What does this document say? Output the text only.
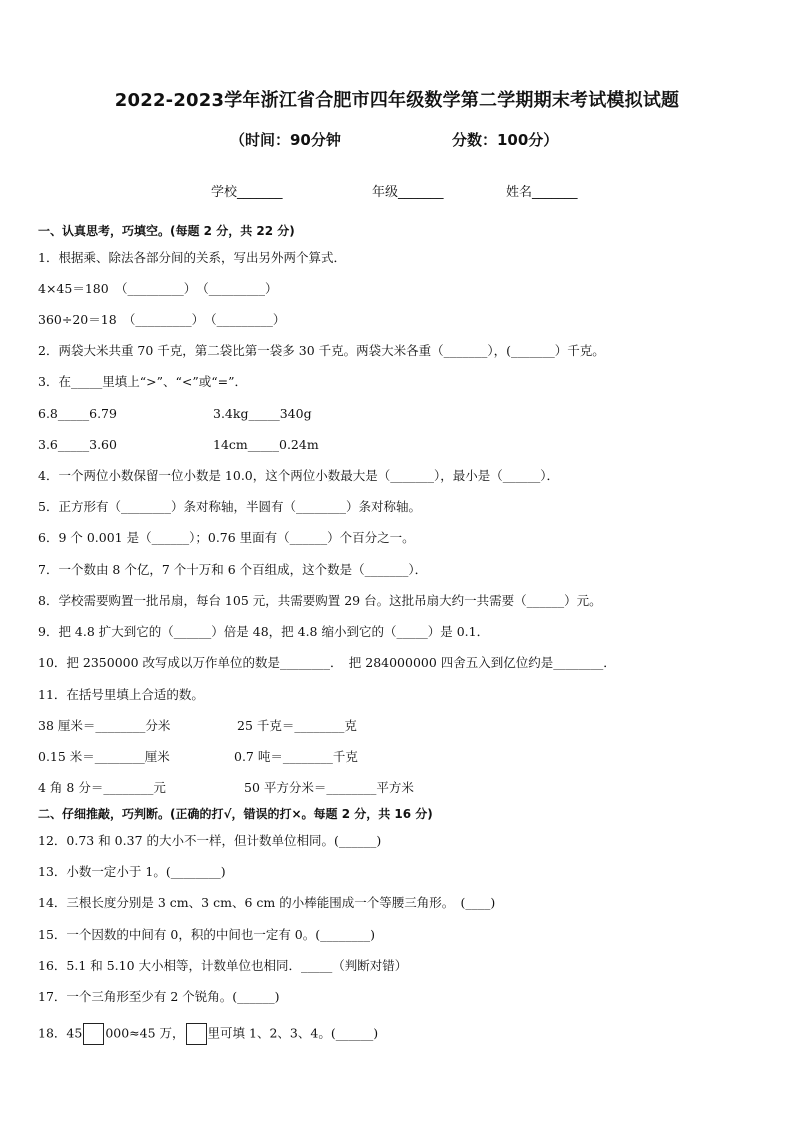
2022-2023学年浙江省合肥市四年级数学第二学期期末考试模拟试题
（时间：90分钟	分数：100分）
学校_______	年级_______	姓名_______
一、认真思考，巧填空。(每题 2 分，共 22 分)
1．根据乘、除法各部分间的关系，写出另外两个算式．
4×45＝180　（_________）　（_________）
360÷20＝18　（_________）　（_________）
2．两袋大米共重 70 千克，第二袋比第一袋多 30 千克。两袋大米各重（_______），(_______）千克。
3．在_____里填上“>”、“<”或“=”．
6.8_____6.79	3.4kg_____340g
3.6_____3.60	14cm_____0.24m
4．一个两位小数保留一位小数是 10.0，这个两位小数最大是（_______），最小是（______）．
5．正方形有（________）条对称轴，半圆有（________）条对称轴。
6．9 个 0.001 是（______）；0.76 里面有（______）个百分之一。
7．一个数由 8 个亿，7 个十万和 6 个百组成，这个数是（_______）．
8．学校需要购置一批吊扇，每台 105 元，共需要购置 29 台。这批吊扇大约一共需要（______）元。
9．把 4.8 扩大到它的（______）倍是 48，把 4.8 缩小到它的（_____）是 0.1．
10．把 2350000 改写成以万作单位的数是________．　把 284000000 四舍五入到亿位约是________．
11．在括号里填上合适的数。
38 厘米＝________分米	25 千克＝________克
0.15 米＝________厘米	0.7 吨＝________千克
4 角 8 分＝________元	50 平方分米＝________平方米
二、仔细推敲，巧判断。(正确的打√，错误的打×。每题 2 分，共 16 分)
12．0.73 和 0.37 的大小不一样，但计数单位相同。(______)
13．小数一定小于 1。(________)
14．三根长度分别是 3 cm、3 cm、6 cm 的小棒能围成一个等腰三角形。　(____)
15．一个因数的中间有 0，积的中间也一定有 0。(________)
16．5.1 和 5.10 大小相等，计数单位也相同．_____（判断对错）
17．一个三角形至少有 2 个锐角。(______)
18．45 000≈45 万， 里可填 1、2、3、4。(______)
